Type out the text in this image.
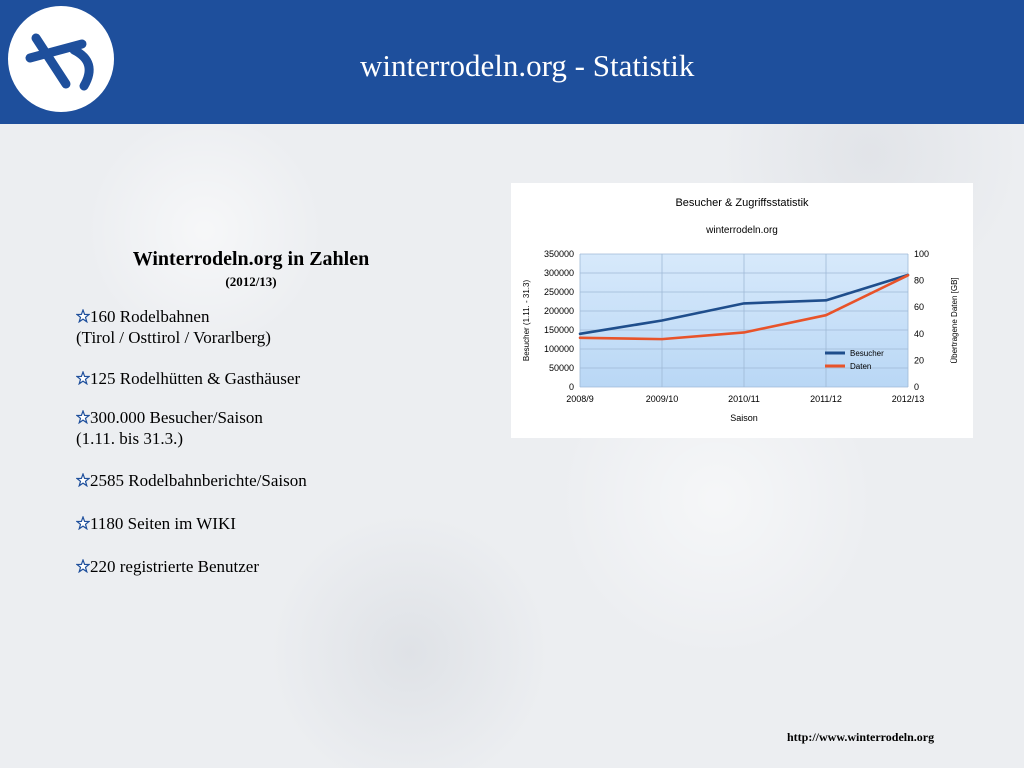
winterrodeln.org - Statistik
Winterrodeln.org in Zahlen
(2012/13)
160 Rodelbahnen
(Tirol / Osttirol / Vorarlberg)
125 Rodelhütten & Gasthäuser
300.000 Besucher/Saison
(1.11. bis 31.3.)
2585 Rodelbahnberichte/Saison
1180 Seiten im WIKI
220 registrierte Benutzer
Besucher & Zugriffsstatistik
winterrodeln.org
0
50000
100000
150000
200000
250000
300000
350000
0
20
40
60
80
100
2008/9	2009/10	2010/11	2011/12	2012/13
Besucher (1.11. - 31.3)	Übertragene Daten [GB]
Saison
Besucher
Daten
http://www.winterrodeln.org
